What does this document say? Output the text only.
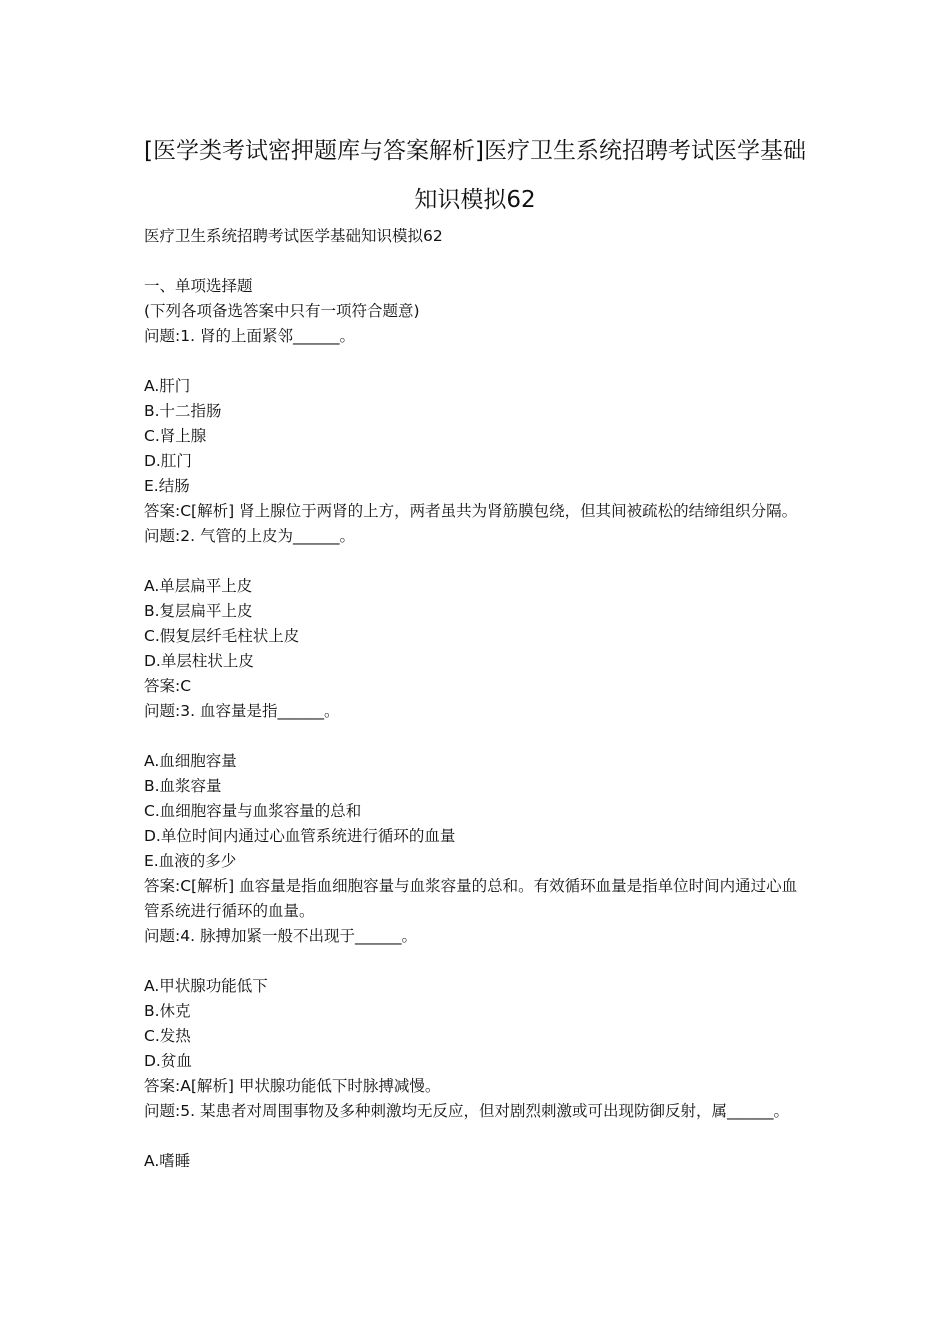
[医学类考试密押题库与答案解析]医疗卫生系统招聘考试医学基础
知识模拟62
医疗卫生系统招聘考试医学基础知识模拟62
一、单项选择题
(下列各项备选答案中只有一项符合题意)
问题:1. 肾的上面紧邻______。
A.肝门
B.十二指肠
C.肾上腺
D.肛门
E.结肠
答案:C[解析] 肾上腺位于两肾的上方，两者虽共为肾筋膜包绕，但其间被疏松的结缔组织分隔。
问题:2. 气管的上皮为______。
A.单层扁平上皮
B.复层扁平上皮
C.假复层纤毛柱状上皮
D.单层柱状上皮
答案:C
问题:3. 血容量是指______。
A.血细胞容量
B.血浆容量
C.血细胞容量与血浆容量的总和
D.单位时间内通过心血管系统进行循环的血量
E.血液的多少
答案:C[解析] 血容量是指血细胞容量与血浆容量的总和。有效循环血量是指单位时间内通过心血管系统进行循环的血量。
问题:4. 脉搏加紧一般不出现于______。
A.甲状腺功能低下
B.休克
C.发热
D.贫血
答案:A[解析] 甲状腺功能低下时脉搏减慢。
问题:5. 某患者对周围事物及多种刺激均无反应，但对剧烈刺激或可出现防御反射，属______。
A.嗜睡
